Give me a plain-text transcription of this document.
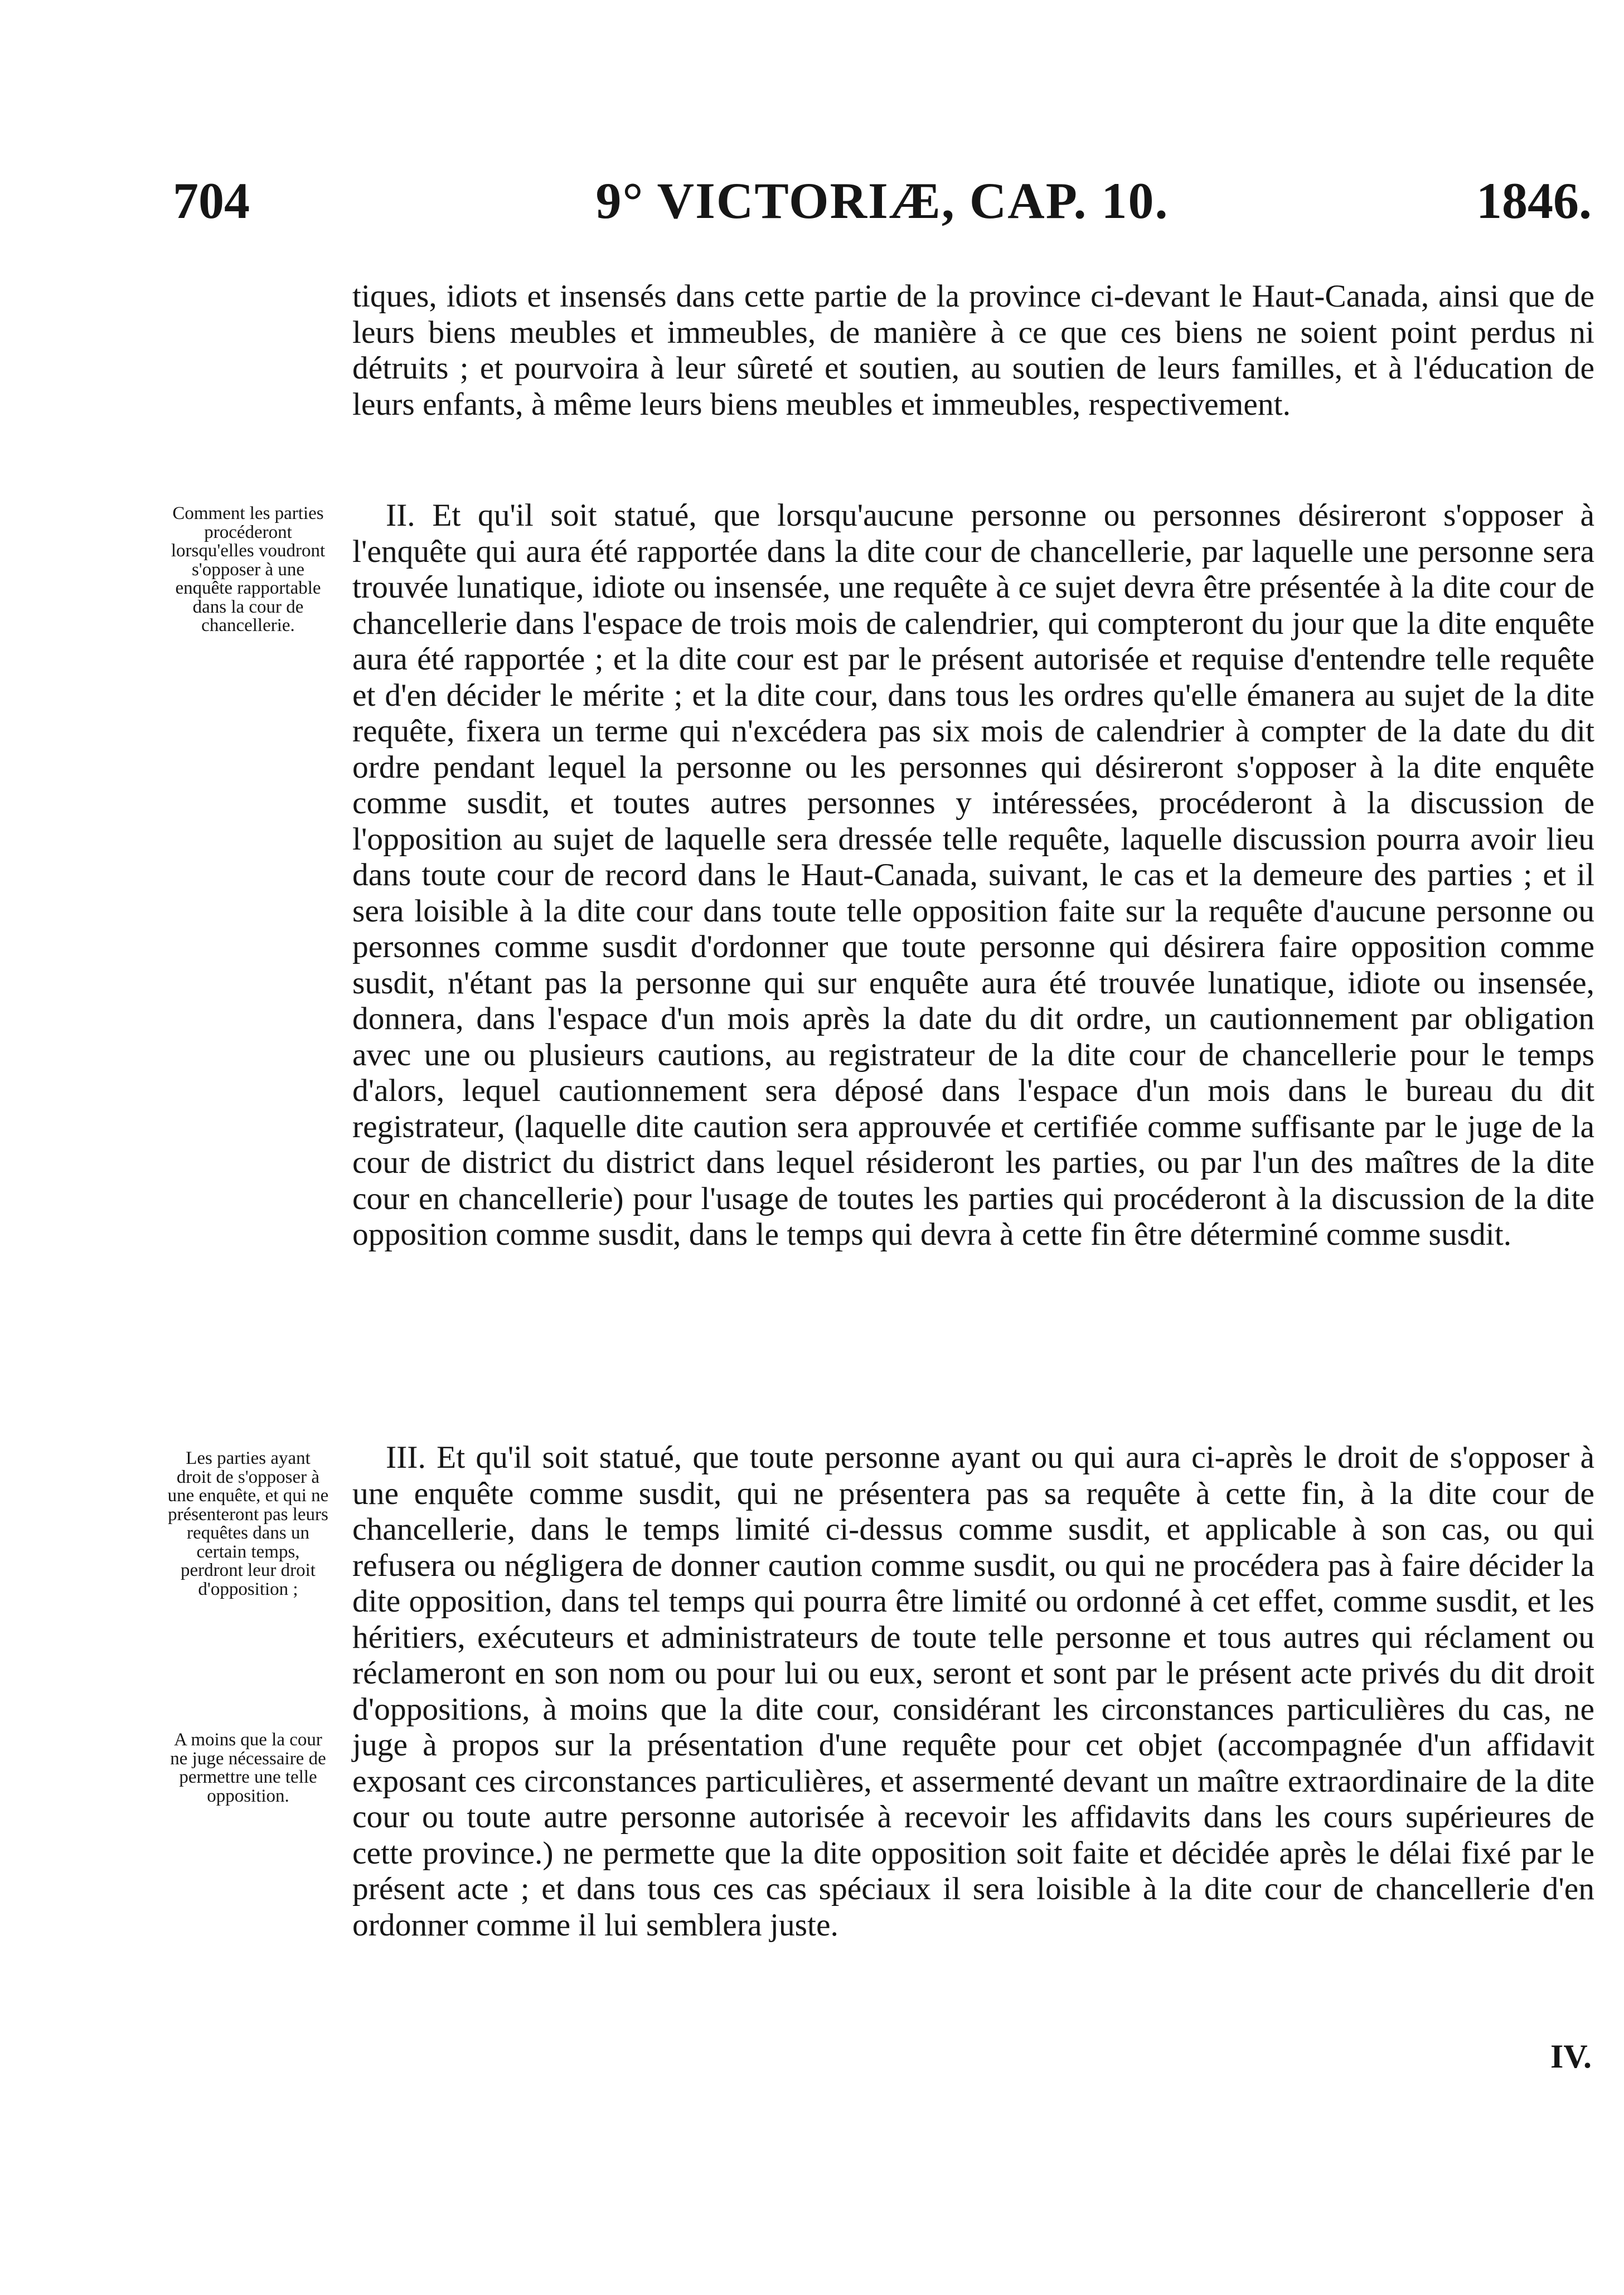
704	9° VICTORIÆ, CAP. 10.	1846.

tiques, idiots et insensés dans cette partie de la province ci-devant le Haut-Canada, ainsi que de leurs biens meubles et immeubles, de manière à ce que ces biens ne soient point perdus ni détruits ; et pourvoira à leur sûreté et soutien, au soutien de leurs familles, et à l'éducation de leurs enfants, à même leurs biens meubles et immeubles, respectivement.

Comment les parties procéderont lorsqu'elles voudront s'opposer à une enquête rapportable dans la cour de chancellerie.

II. Et qu'il soit statué, que lorsqu'aucune personne ou personnes désireront s'opposer à l'enquête qui aura été rapportée dans la dite cour de chancellerie, par laquelle une personne sera trouvée lunatique, idiote ou insensée, une requête à ce sujet devra être présentée à la dite cour de chancellerie dans l'espace de trois mois de calendrier, qui compteront du jour que la dite enquête aura été rapportée ; et la dite cour est par le présent autorisée et requise d'entendre telle requête et d'en décider le mérite ; et la dite cour, dans tous les ordres qu'elle émanera au sujet de la dite requête, fixera un terme qui n'excédera pas six mois de calendrier à compter de la date du dit ordre pendant lequel la personne ou les personnes qui désireront s'opposer à la dite enquête comme susdit, et toutes autres personnes y intéressées, procéderont à la discussion de l'opposition au sujet de laquelle sera dressée telle requête, laquelle discussion pourra avoir lieu dans toute cour de record dans le Haut-Canada, suivant, le cas et la demeure des parties ; et il sera loisible à la dite cour dans toute telle opposition faite sur la requête d'aucune personne ou personnes comme susdit d'ordonner que toute personne qui désirera faire opposition comme susdit, n'étant pas la personne qui sur enquête aura été trouvée lunatique, idiote ou insensée, donnera, dans l'espace d'un mois après la date du dit ordre, un cautionnement par obligation avec une ou plusieurs cautions, au registrateur de la dite cour de chancellerie pour le temps d'alors, lequel cautionnement sera déposé dans l'espace d'un mois dans le bureau du dit registrateur, (laquelle dite caution sera approuvée et certifiée comme suffisante par le juge de la cour de district du district dans lequel résideront les parties, ou par l'un des maîtres de la dite cour en chancellerie) pour l'usage de toutes les parties qui procéderont à la discussion de la dite opposition comme susdit, dans le temps qui devra à cette fin être déterminé comme susdit.

Les parties ayant droit de s'opposer à une enquête, et qui ne présenteront pas leurs requêtes dans un certain temps, perdront leur droit d'opposition ;
A moins que la cour ne juge nécessaire de permettre une telle opposition.

III. Et qu'il soit statué, que toute personne ayant ou qui aura ci-après le droit de s'opposer à une enquête comme susdit, qui ne présentera pas sa requête à cette fin, à la dite cour de chancellerie, dans le temps limité ci-dessus comme susdit, et applicable à son cas, ou qui refusera ou négligera de donner caution comme susdit, ou qui ne procédera pas à faire décider la dite opposition, dans tel temps qui pourra être limité ou ordonné à cet effet, comme susdit, et les héritiers, exécuteurs et administrateurs de toute telle personne et tous autres qui réclament ou réclameront en son nom ou pour lui ou eux, seront et sont par le présent acte privés du dit droit d'oppositions, à moins que la dite cour, considérant les circonstances particulières du cas, ne juge à propos sur la présentation d'une requête pour cet objet (accompagnée d'un affidavit exposant ces circonstances particulières, et assermenté devant un maître extraordinaire de la dite cour ou toute autre personne autorisée à recevoir les affidavits dans les cours supérieures de cette province.) ne permette que la dite opposition soit faite et décidée après le délai fixé par le présent acte ; et dans tous ces cas spéciaux il sera loisible à la dite cour de chancellerie d'en ordonner comme il lui semblera juste.

IV.
